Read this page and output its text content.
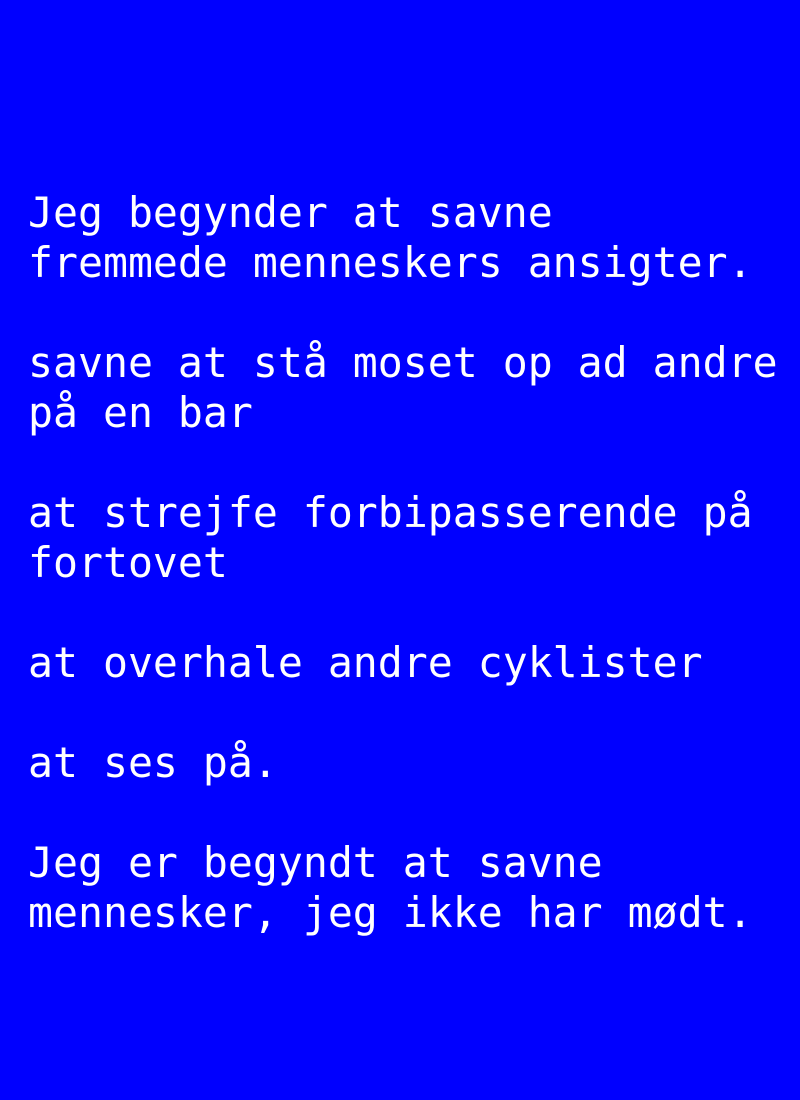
Jeg begynder at savne
fremmede menneskers ansigter.

savne at stå moset op ad andre
på en bar

at strejfe forbipasserende på
fortovet

at overhale andre cyklister

at ses på.

Jeg er begyndt at savne
mennesker, jeg ikke har mødt.
